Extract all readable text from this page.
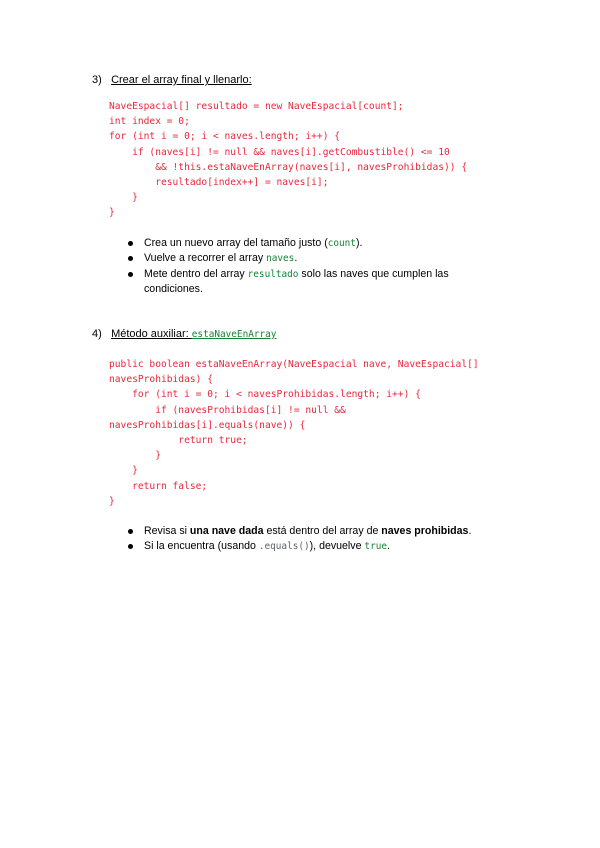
3) Crear el array final y llenarlo:
NaveEspacial[] resultado = new NaveEspacial[count];
int index = 0;
for (int i = 0; i < naves.length; i++) {
if (naves[i] != null && naves[i].getCombustible() <= 10
&& !this.estaNaveEnArray(naves[i], navesProhibidas)) {
resultado[index++] = naves[i];
}
}
Crea un nuevo array del tamaño justo (count).
Vuelve a recorrer el array naves.
Mete dentro del array resultado solo las naves que cumplen las condiciones.
4) Método auxiliar: estaNaveEnArray
public boolean estaNaveEnArray(NaveEspacial nave, NaveEspacial[]
navesProhibidas) {
for (int i = 0; i < navesProhibidas.length; i++) {
if (navesProhibidas[i] != null &&
navesProhibidas[i].equals(nave)) {
return true;
}
}
return false;
}
Revisa si una nave dada está dentro del array de naves prohibidas.
Si la encuentra (usando .equals()), devuelve true.
